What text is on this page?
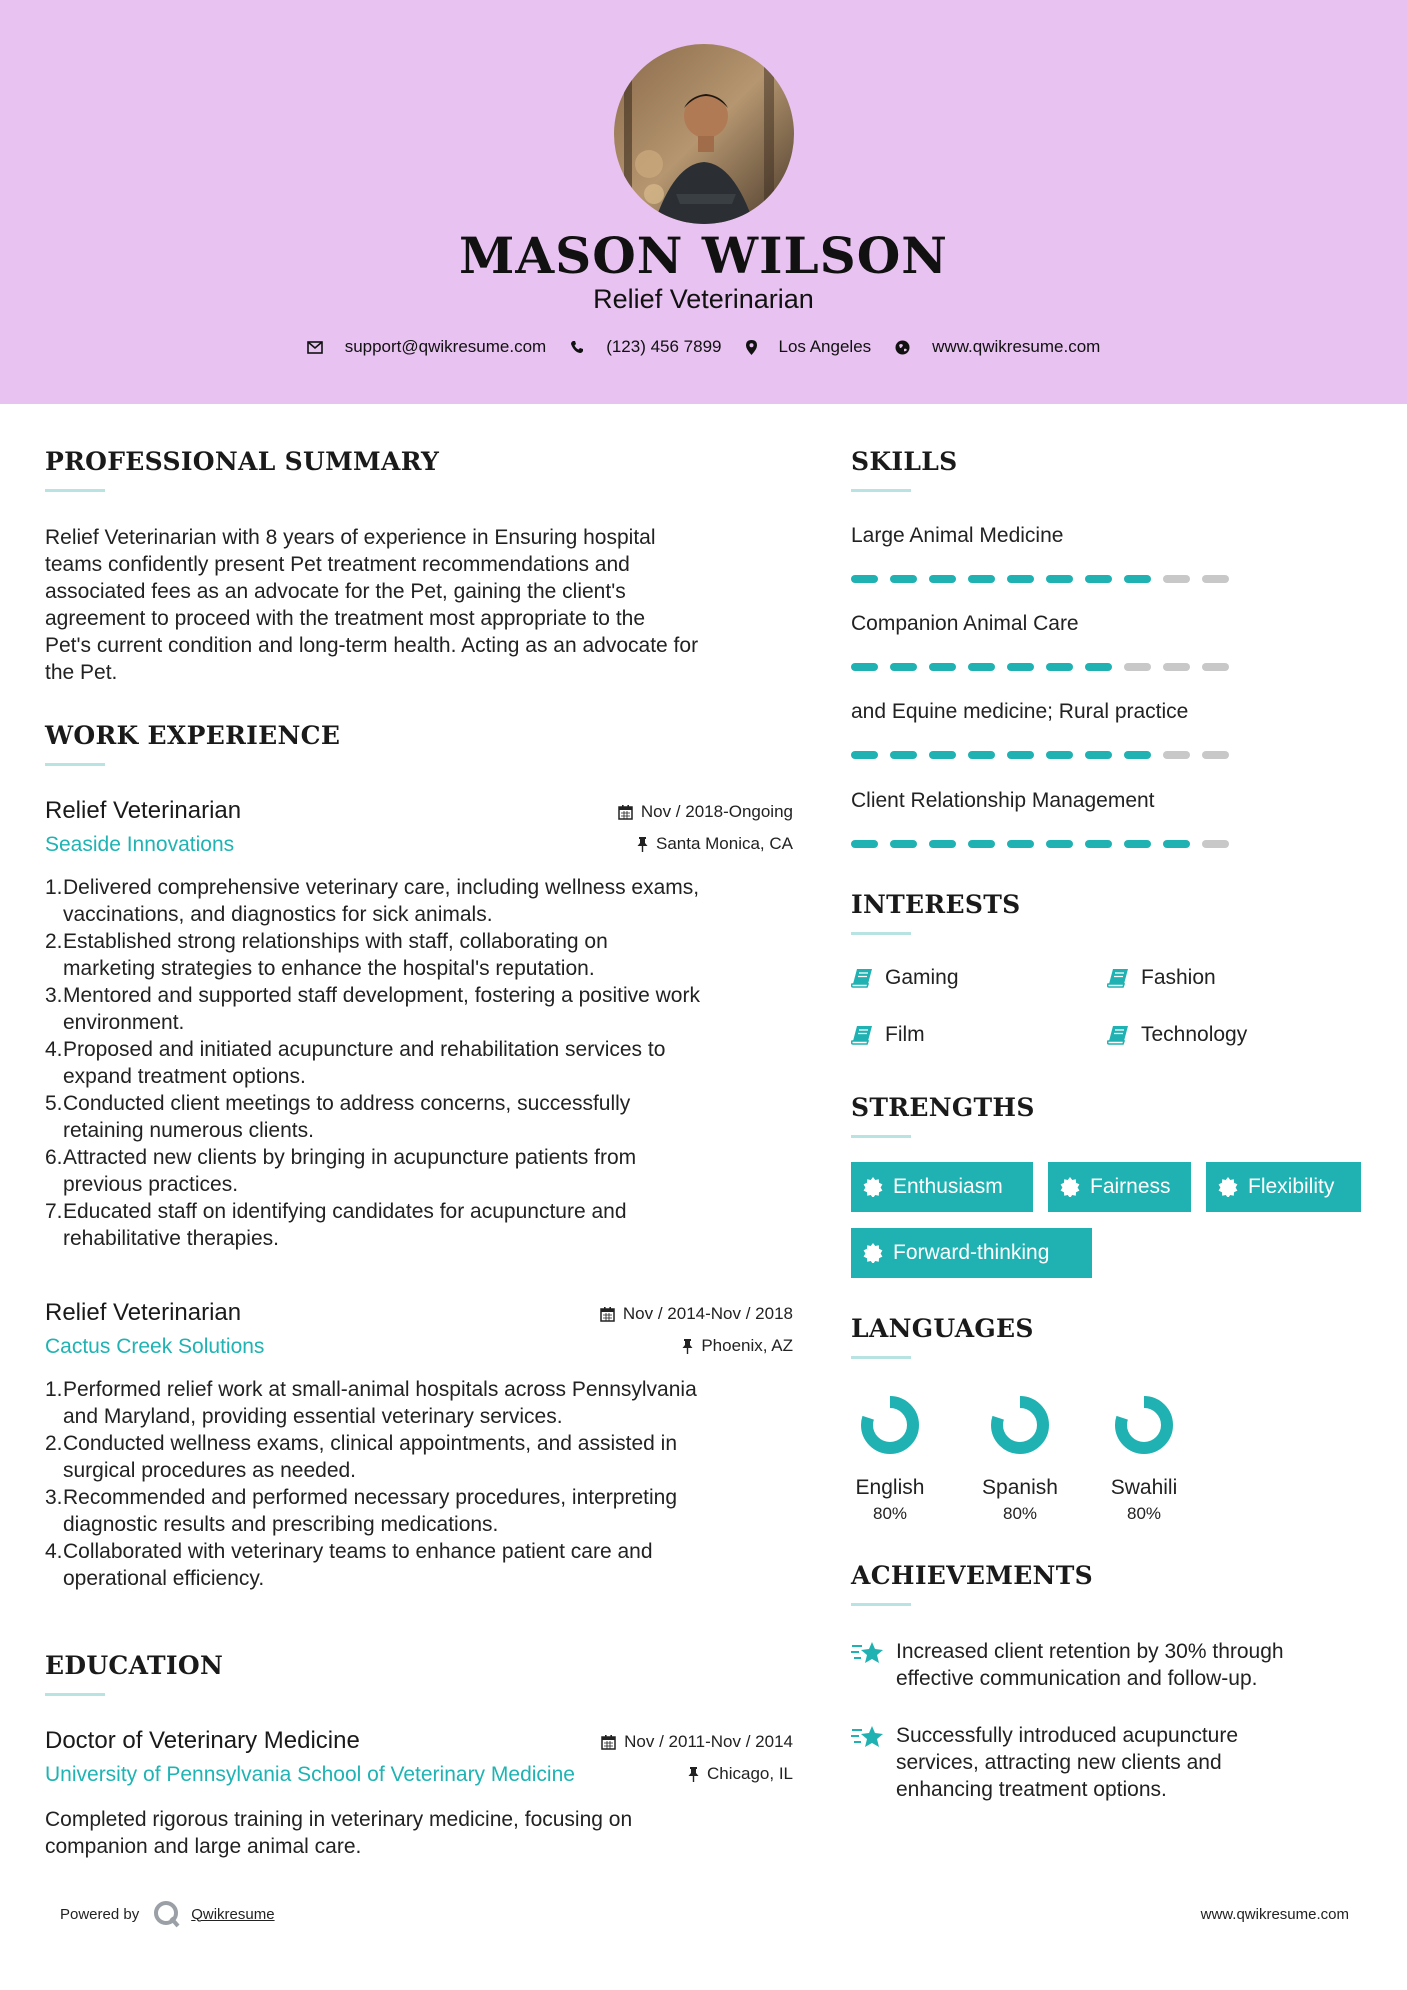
MASON WILSON
Relief Veterinarian
support@qwikresume.com	(123) 456 7899	Los Angeles	www.qwikresume.com
PROFESSIONAL SUMMARY
Relief Veterinarian with 8 years of experience in Ensuring hospital
teams confidently present Pet treatment recommendations and
associated fees as an advocate for the Pet, gaining the client's
agreement to proceed with the treatment most appropriate to the
Pet's current condition and long-term health. Acting as an advocate for
the Pet.
WORK EXPERIENCE
Relief Veterinarian
Seaside Innovations
Nov / 2018-Ongoing
Santa Monica, CA
1. Delivered comprehensive veterinary care, including wellness exams,
vaccinations, and diagnostics for sick animals.
2. Established strong relationships with staff, collaborating on
marketing strategies to enhance the hospital's reputation.
3. Mentored and supported staff development, fostering a positive work
environment.
4. Proposed and initiated acupuncture and rehabilitation services to
expand treatment options.
5. Conducted client meetings to address concerns, successfully
retaining numerous clients.
6. Attracted new clients by bringing in acupuncture patients from
previous practices.
7. Educated staff on identifying candidates for acupuncture and
rehabilitative therapies.
Relief Veterinarian
Cactus Creek Solutions
Nov / 2014-Nov / 2018
Phoenix, AZ
1. Performed relief work at small-animal hospitals across Pennsylvania
and Maryland, providing essential veterinary services.
2. Conducted wellness exams, clinical appointments, and assisted in
surgical procedures as needed.
3. Recommended and performed necessary procedures, interpreting
diagnostic results and prescribing medications.
4. Collaborated with veterinary teams to enhance patient care and
operational efficiency.
EDUCATION
Doctor of Veterinary Medicine
University of Pennsylvania School of Veterinary Medicine
Nov / 2011-Nov / 2014
Chicago, IL
Completed rigorous training in veterinary medicine, focusing on
companion and large animal care.
SKILLS
Large Animal Medicine
Companion Animal Care
and Equine medicine; Rural practice
Client Relationship Management
INTERESTS
Gaming	Fashion
Film	Technology
STRENGTHS
Enthusiasm	Fairness	Flexibility
Forward-thinking
LANGUAGES
English
80%
Spanish
80%
Swahili
80%
ACHIEVEMENTS
Increased client retention by 30% through
effective communication and follow-up.
Successfully introduced acupuncture
services, attracting new clients and
enhancing treatment options.
Powered by	Qwikresume	www.qwikresume.com
